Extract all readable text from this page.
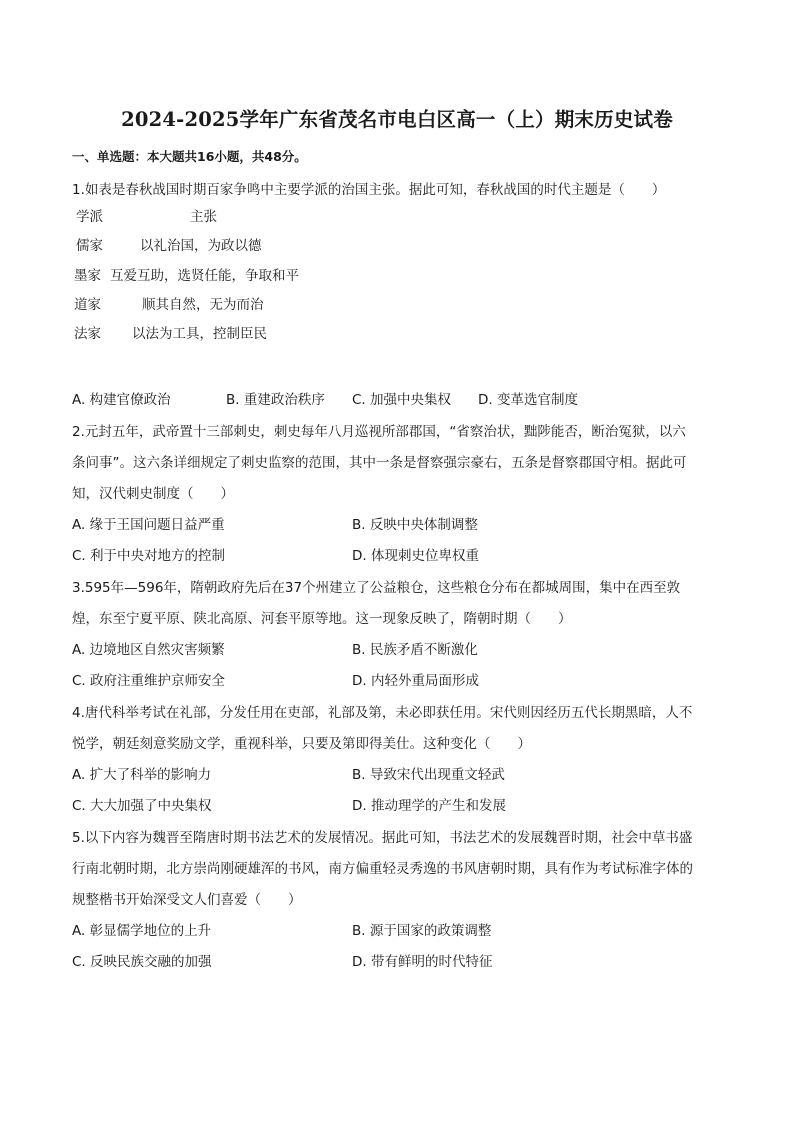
2024-2025学年广东省茂名市电白区高一（上）期末历史试卷
一、单选题：本大题共16小题，共48分。
1.如表是春秋战国时期百家争鸣中主要学派的治国主张。据此可知，春秋战国的时代主题是（　　）
学派	主张
儒家	以礼治国，为政以德
墨家 互爱互助，选贤任能，争取和平
道家	顺其自然，无为而治
法家 以法为工具，控制臣民
A. 构建官僚政治	B. 重建政治秩序 C. 加强中央集权 D. 变革选官制度
2.元封五年，武帝置十三部刺史，刺史每年八月巡视所部郡国，“省察治状，黜陟能否，断治冤狱，以六
条问事”。这六条详细规定了刺史监察的范围，其中一条是督察强宗豪右，五条是督察郡国守相。据此可
知，汉代刺史制度（　　）
A. 缘于王国问题日益严重	B. 反映中央体制调整
C. 利于中央对地方的控制	D. 体现刺史位卑权重
3.595年—596年，隋朝政府先后在37个州建立了公益粮仓，这些粮仓分布在都城周围，集中在西至敦
煌，东至宁夏平原、陕北高原、河套平原等地。这一现象反映了，隋朝时期（　　）
A. 边境地区自然灾害频繁	B. 民族矛盾不断激化
C. 政府注重维护京师安全	D. 内轻外重局面形成
4.唐代科举考试在礼部，分发任用在吏部，礼部及第，未必即获任用。宋代则因经历五代长期黑暗，人不
悦学，朝廷刻意奖励文学，重视科举，只要及第即得美仕。这种变化（　　）
A. 扩大了科举的影响力	B. 导致宋代出现重文轻武
C. 大大加强了中央集权	D. 推动理学的产生和发展
5.以下内容为魏晋至隋唐时期书法艺术的发展情况。据此可知，书法艺术的发展魏晋时期，社会中草书盛
行南北朝时期，北方崇尚刚硬雄浑的书风，南方偏重轻灵秀逸的书风唐朝时期，具有作为考试标准字体的
规整楷书开始深受文人们喜爱（　　）
A. 彰显儒学地位的上升	B. 源于国家的政策调整
C. 反映民族交融的加强	D. 带有鲜明的时代特征
